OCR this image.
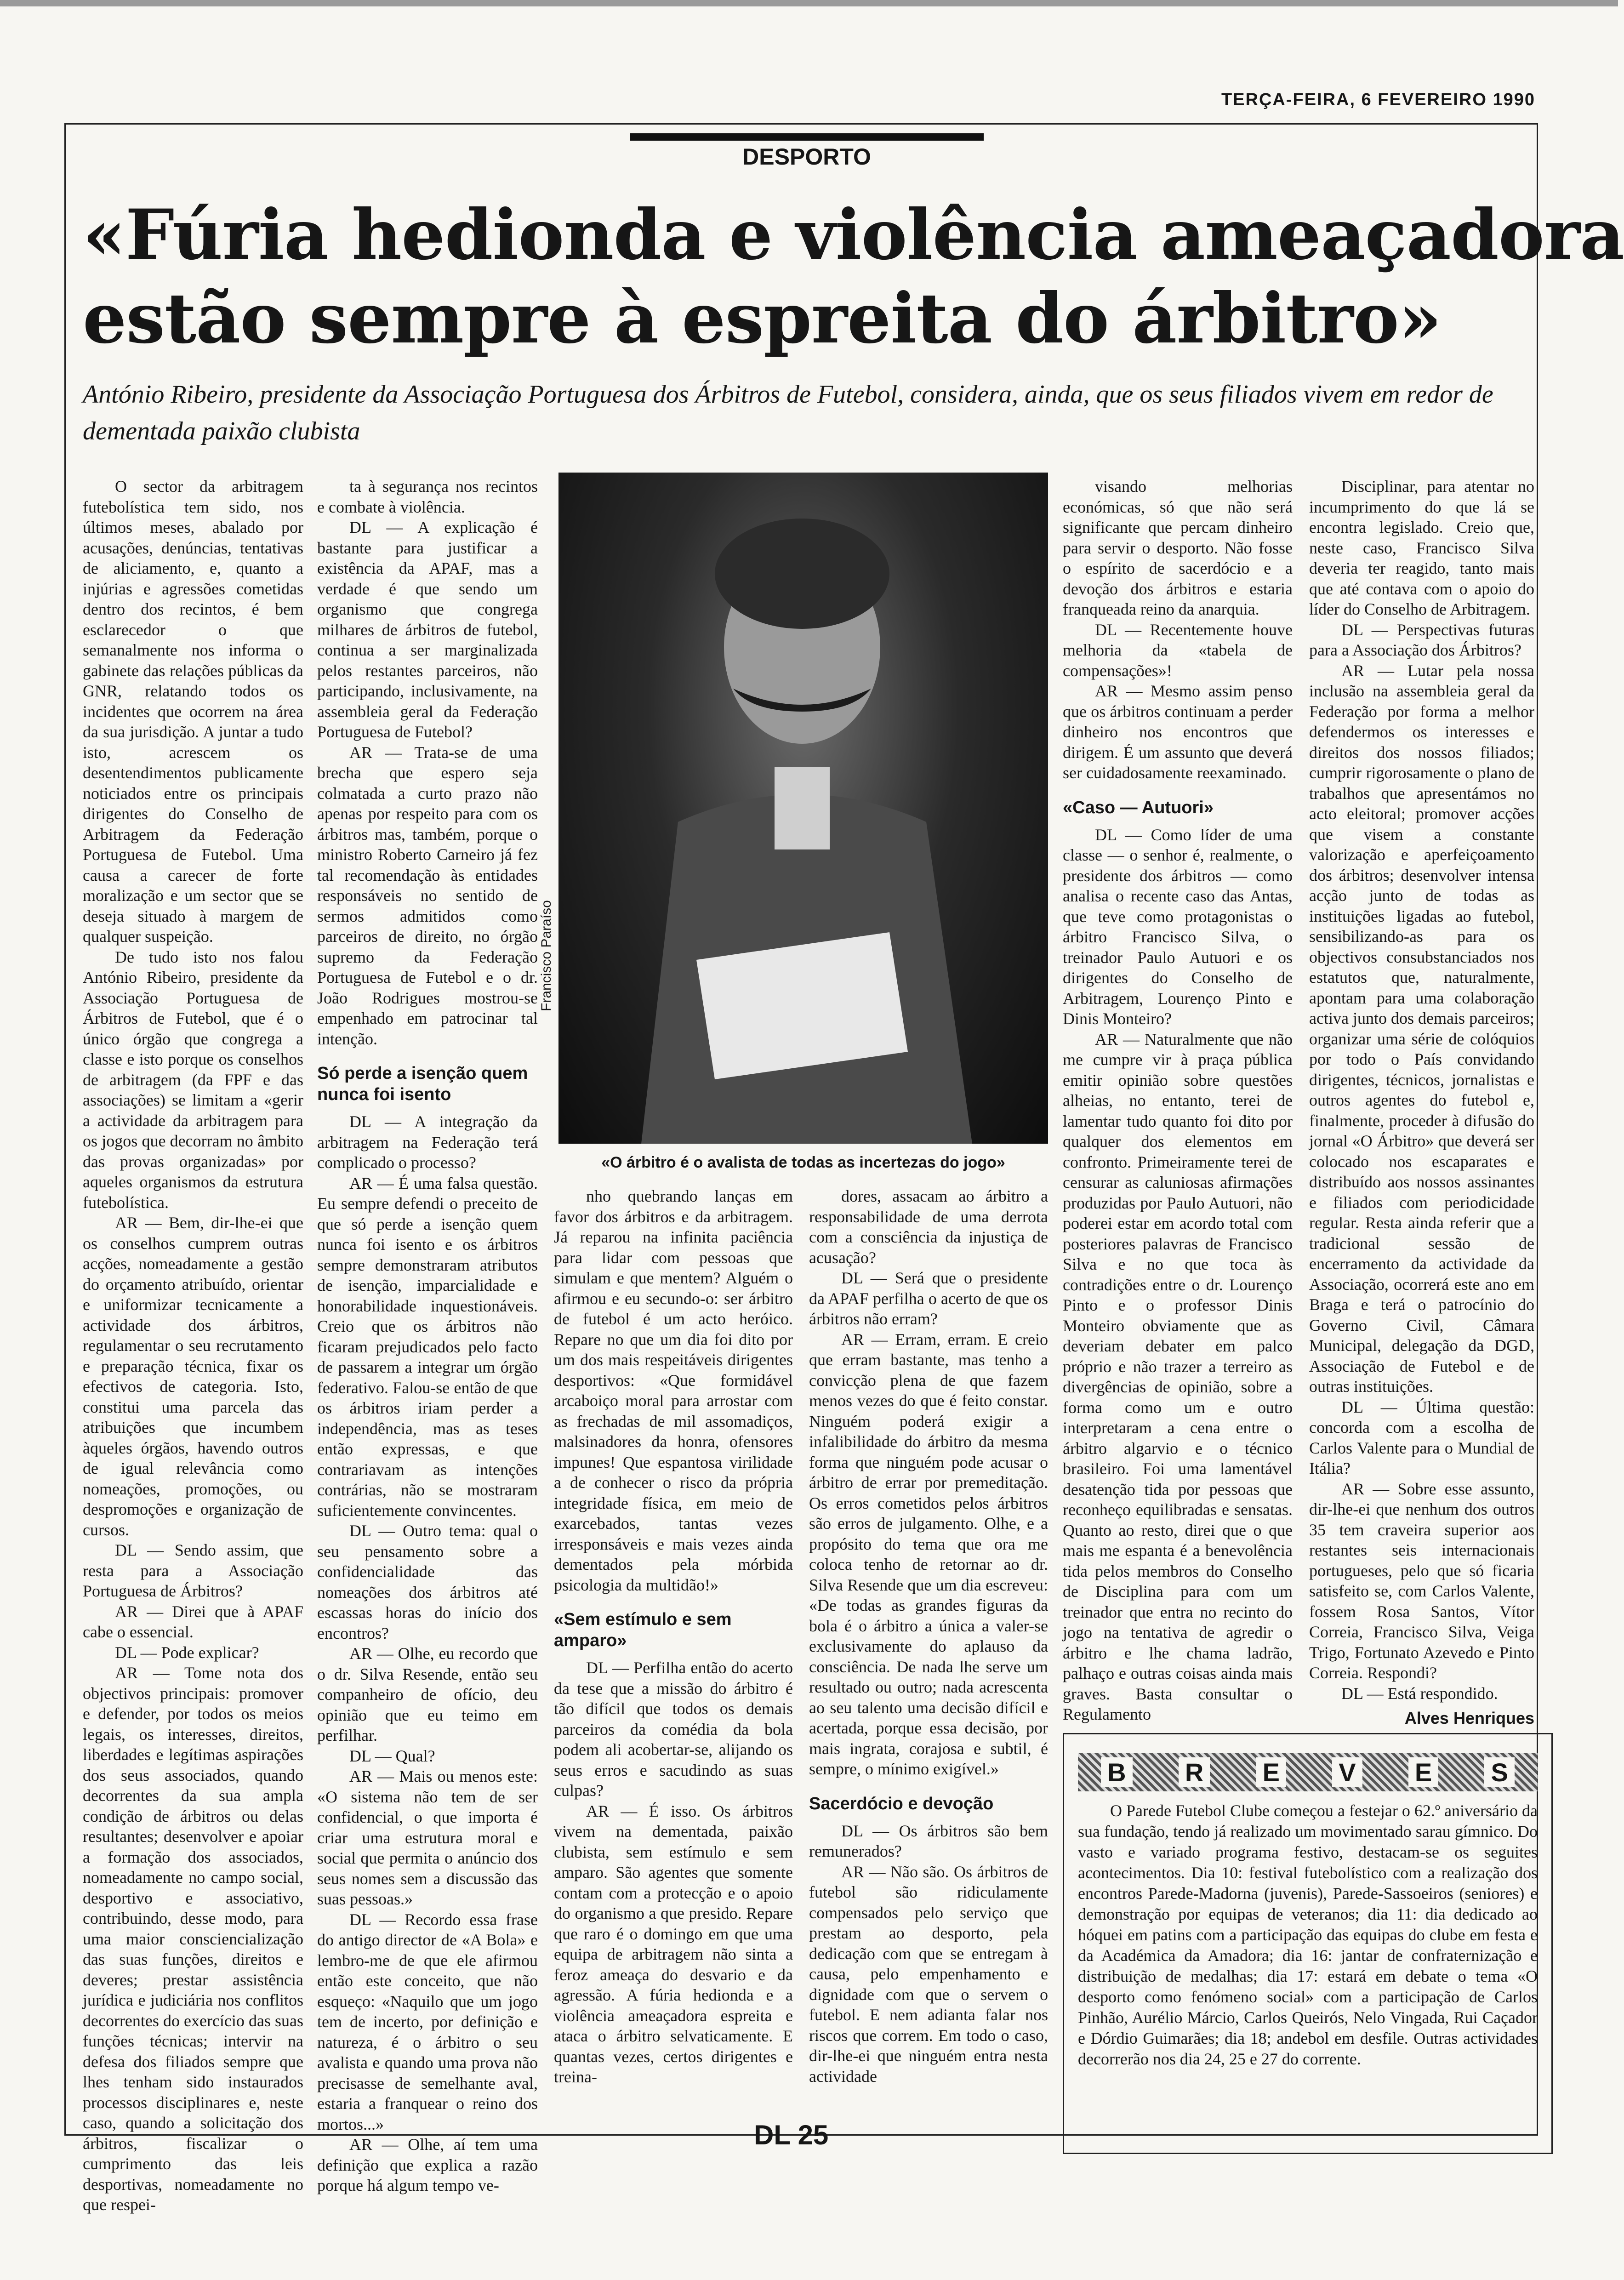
TERÇA-FEIRA, 6 FEVEREIRO 1990
DESPORTO
«Fúria hedionda e violência ameaçadora
estão sempre à espreita do árbitro»
António Ribeiro, presidente da Associação Portuguesa dos Árbitros de Futebol, considera, ainda, que os seus filiados vivem em redor de dementada paixão clubista

O sector da arbitragem futebolística tem sido, nos últimos meses, abalado por acusações, denúncias, tentativas de aliciamento, e, quanto a injúrias e agressões cometidas dentro dos recintos, é bem esclarecedor o que semanalmente nos informa o gabinete das relações públicas da GNR, relatando todos os incidentes que ocorrem na área da sua jurisdição. A juntar a tudo isto, acrescem os desentendimentos publicamente noticiados entre os principais dirigentes do Conselho de Arbitragem da Federação Portuguesa de Futebol. Uma causa a carecer de forte moralização e um sector que se deseja situado à margem de qualquer suspeição.

De tudo isto nos falou António Ribeiro, presidente da Associação Portuguesa de Árbitros de Futebol, que é o único órgão que congrega a classe e isto porque os conselhos de arbitragem (da FPF e das associações) se limitam a «gerir a actividade da arbitragem para os jogos que decorram no âmbito das provas organizadas» por aqueles organismos da estrutura futebolística.

AR — Bem, dir-lhe-ei que os conselhos cumprem outras acções, nomeadamente a gestão do orçamento atribuído, orientar e uniformizar tecnicamente a actividade dos árbitros, regulamentar o seu recrutamento e preparação técnica, fixar os efectivos de categoria. Isto, constitui uma parcela das atribuições que incumbem àqueles órgãos, havendo outros de igual relevância como nomeações, promoções, ou despromoções e organização de cursos.

DL — Sendo assim, que resta para a Associação Portuguesa de Árbitros?

AR — Direi que à APAF cabe o essencial.

DL — Pode explicar?

AR — Tome nota dos objectivos principais: promover e defender, por todos os meios legais, os interesses, direitos, liberdades e legítimas aspirações dos seus associados, quando decorrentes da sua ampla condição de árbitros ou delas resultantes; desenvolver e apoiar a formação dos associados, nomeadamente no campo social, desportivo e associativo, contribuindo, desse modo, para uma maior consciencialização das suas funções, direitos e deveres; prestar assistência jurídica e judiciária nos conflitos decorrentes do exercício das suas funções técnicas; intervir na defesa dos filiados sempre que lhes tenham sido instaurados processos disciplinares e, neste caso, quando a solicitação dos árbitros, fiscalizar o cumprimento das leis desportivas, nomeadamente no que respei-

ta à segurança nos recintos e combate à violência.

DL — A explicação é bastante para justificar a existência da APAF, mas a verdade é que sendo um organismo que congrega milhares de árbitros de futebol, continua a ser marginalizada pelos restantes parceiros, não participando, inclusivamente, na assembleia geral da Federação Portuguesa de Futebol?

AR — Trata-se de uma brecha que espero seja colmatada a curto prazo não apenas por respeito para com os árbitros mas, também, porque o ministro Roberto Carneiro já fez tal recomendação às entidades responsáveis no sentido de sermos admitidos como parceiros de direito, no órgão supremo da Federação Portuguesa de Futebol e o dr. João Rodrigues mostrou-se empenhado em patrocinar tal intenção.

Só perde a isenção quem nunca foi isento

DL — A integração da arbitragem na Federação terá complicado o processo?

AR — É uma falsa questão. Eu sempre defendi o preceito de que só perde a isenção quem nunca foi isento e os árbitros sempre demonstraram atributos de isenção, imparcialidade e honorabilidade inquestionáveis. Creio que os árbitros não ficaram prejudicados pelo facto de passarem a integrar um órgão federativo. Falou-se então de que os árbitros iriam perder a independência, mas as teses então expressas, e que contrariavam as intenções contrárias, não se mostraram suficientemente convincentes.

DL — Outro tema: qual o seu pensamento sobre a confidencialidade das nomeações dos árbitros até escassas horas do início dos encontros?

AR — Olhe, eu recordo que o dr. Silva Resende, então seu companheiro de ofício, deu opinião que eu teimo em perfilhar.

DL — Qual?

AR — Mais ou menos este: «O sistema não tem de ser confidencial, o que importa é criar uma estrutura moral e social que permita o anúncio dos seus nomes sem a discussão das suas pessoas.»

DL — Recordo essa frase do antigo director de «A Bola» e lembro-me de que ele afirmou então este conceito, que não esqueço: «Naquilo que um jogo tem de incerto, por definição e natureza, é o árbitro o seu avalista e quando uma prova não precisasse de semelhante aval, estaria a franquear o reino dos mortos...»

AR — Olhe, aí tem uma definição que explica a razão porque há algum tempo ve-

Francisco Paraíso
«O árbitro é o avalista de todas as incertezas do jogo»

nho quebrando lanças em favor dos árbitros e da arbitragem. Já reparou na infinita paciência para lidar com pessoas que simulam e que mentem? Alguém o afirmou e eu secundo-o: ser árbitro de futebol é um acto heróico. Repare no que um dia foi dito por um dos mais respeitáveis dirigentes desportivos: «Que formidável arcaboiço moral para arrostar com as frechadas de mil assomadiços, malsinadores da honra, ofensores impunes! Que espantosa virilidade a de conhecer o risco da própria integridade física, em meio de exarcebados, tantas vezes irresponsáveis e mais vezes ainda dementados pela mórbida psicologia da multidão!»

«Sem estímulo e sem amparo»

DL — Perfilha então do acerto da tese que a missão do árbitro é tão difícil que todos os demais parceiros da comédia da bola podem ali acobertar-se, alijando os seus erros e sacudindo as suas culpas?

AR — É isso. Os árbitros vivem na dementada, paixão clubista, sem estímulo e sem amparo. São agentes que somente contam com a protecção e o apoio do organismo a que presido. Repare que raro é o domingo em que uma equipa de arbitragem não sinta a feroz ameaça do desvario e da agressão. A fúria hedionda e a violência ameaçadora espreita e ataca o árbitro selvaticamente. E quantas vezes, certos dirigentes e treina-

dores, assacam ao árbitro a responsabilidade de uma derrota com a consciência da injustiça de acusação?

DL — Será que o presidente da APAF perfilha o acerto de que os árbitros não erram?

AR — Erram, erram. E creio que erram bastante, mas tenho a convicção plena de que fazem menos vezes do que é feito constar. Ninguém poderá exigir a infalibilidade do árbitro da mesma forma que ninguém pode acusar o árbitro de errar por premeditação. Os erros cometidos pelos árbitros são erros de julgamento. Olhe, e a propósito do tema que ora me coloca tenho de retornar ao dr. Silva Resende que um dia escreveu: «De todas as grandes figuras da bola é o árbitro a única a valer-se exclusivamente do aplauso da consciência. De nada lhe serve um resultado ou outro; nada acrescenta ao seu talento uma decisão difícil e acertada, porque essa decisão, por mais ingrata, corajosa e subtil, é sempre, o mínimo exigível.»

Sacerdócio e devoção

DL — Os árbitros são bem remunerados?

AR — Não são. Os árbitros de futebol são ridiculamente compensados pelo serviço que prestam ao desporto, pela dedicação com que se entregam à causa, pelo empenhamento e dignidade com que o servem o futebol. E nem adianta falar nos riscos que correm. Em todo o caso, dir-lhe-ei que ninguém entra nesta actividade

visando melhorias económicas, só que não será significante que percam dinheiro para servir o desporto. Não fosse o espírito de sacerdócio e a devoção dos árbitros e estaria franqueada reino da anarquia.

DL — Recentemente houve melhoria da «tabela de compensações»!

AR — Mesmo assim penso que os árbitros continuam a perder dinheiro nos encontros que dirigem. É um assunto que deverá ser cuidadosamente reexaminado.

«Caso — Autuori»

DL — Como líder de uma classe — o senhor é, realmente, o presidente dos árbitros — como analisa o recente caso das Antas, que teve como protagonistas o árbitro Francisco Silva, o treinador Paulo Autuori e os dirigentes do Conselho de Arbitragem, Lourenço Pinto e Dinis Monteiro?

AR — Naturalmente que não me cumpre vir à praça pública emitir opinião sobre questões alheias, no entanto, terei de lamentar tudo quanto foi dito por qualquer dos elementos em confronto. Primeiramente terei de censurar as caluniosas afirmações produzidas por Paulo Autuori, não poderei estar em acordo total com posteriores palavras de Francisco Silva e no que toca às contradições entre o dr. Lourenço Pinto e o professor Dinis Monteiro obviamente que as deveriam debater em palco próprio e não trazer a terreiro as divergências de opinião, sobre a forma como um e outro interpretaram a cena entre o árbitro algarvio e o técnico brasileiro. Foi uma lamentável desatenção tida por pessoas que reconheço equilibradas e sensatas. Quanto ao resto, direi que o que mais me espanta é a benevolência tida pelos membros do Conselho de Disciplina para com um treinador que entra no recinto do jogo na tentativa de agredir o árbitro e lhe chama ladrão, palhaço e outras coisas ainda mais graves. Basta consultar o Regulamento

Disciplinar, para atentar no incumprimento do que lá se encontra legislado. Creio que, neste caso, Francisco Silva deveria ter reagido, tanto mais que até contava com o apoio do líder do Conselho de Arbitragem.

DL — Perspectivas futuras para a Associação dos Árbitros?

AR — Lutar pela nossa inclusão na assembleia geral da Federação por forma a melhor defendermos os interesses e direitos dos nossos filiados; cumprir rigorosamente o plano de trabalhos que apresentámos no acto eleitoral; promover acções que visem a constante valorização e aperfeiçoamento dos árbitros; desenvolver intensa acção junto de todas as instituições ligadas ao futebol, sensibilizando-as para os objectivos consubstanciados nos estatutos que, naturalmente, apontam para uma colaboração activa junto dos demais parceiros; organizar uma série de colóquios por todo o País convidando dirigentes, técnicos, jornalistas e outros agentes do futebol e, finalmente, proceder à difusão do jornal «O Árbitro» que deverá ser colocado nos escaparates e distribuído aos nossos assinantes e filiados com periodicidade regular. Resta ainda referir que a tradicional sessão de encerramento da actividade da Associação, ocorrerá este ano em Braga e terá o patrocínio do Governo Civil, Câmara Municipal, delegação da DGD, Associação de Futebol e de outras instituições.

DL — Última questão: concorda com a escolha de Carlos Valente para o Mundial de Itália?

AR — Sobre esse assunto, dir-lhe-ei que nenhum dos outros 35 tem craveira superior aos restantes seis internacionais portugueses, pelo que só ficaria satisfeito se, com Carlos Valente, fossem Rosa Santos, Vítor Correia, Francisco Silva, Veiga Trigo, Fortunato Azevedo e Pinto Correia. Respondi?

DL — Está respondido.

Alves Henriques

B R E V E S

O Parede Futebol Clube começou a festejar o 62.º aniversário da sua fundação, tendo já realizado um movimentado sarau gímnico. Do vasto e variado programa festivo, destacam-se os seguites acontecimentos. Dia 10: festival futebolístico com a realização dos encontros Parede-Madorna (juvenis), Parede-Sassoeiros (seniores) e demonstração por equipas de veteranos; dia 11: dia dedicado ao hóquei em patins com a participação das equipas do clube em festa e da Académica da Amadora; dia 16: jantar de confraternização e distribuição de medalhas; dia 17: estará em debate o tema «O desporto como fenómeno social» com a participação de Carlos Pinhão, Aurélio Márcio, Carlos Queirós, Nelo Vingada, Rui Caçador e Dórdio Guimarães; dia 18; andebol em desfile. Outras actividades decorrerão nos dia 24, 25 e 27 do corrente.

DL 25
